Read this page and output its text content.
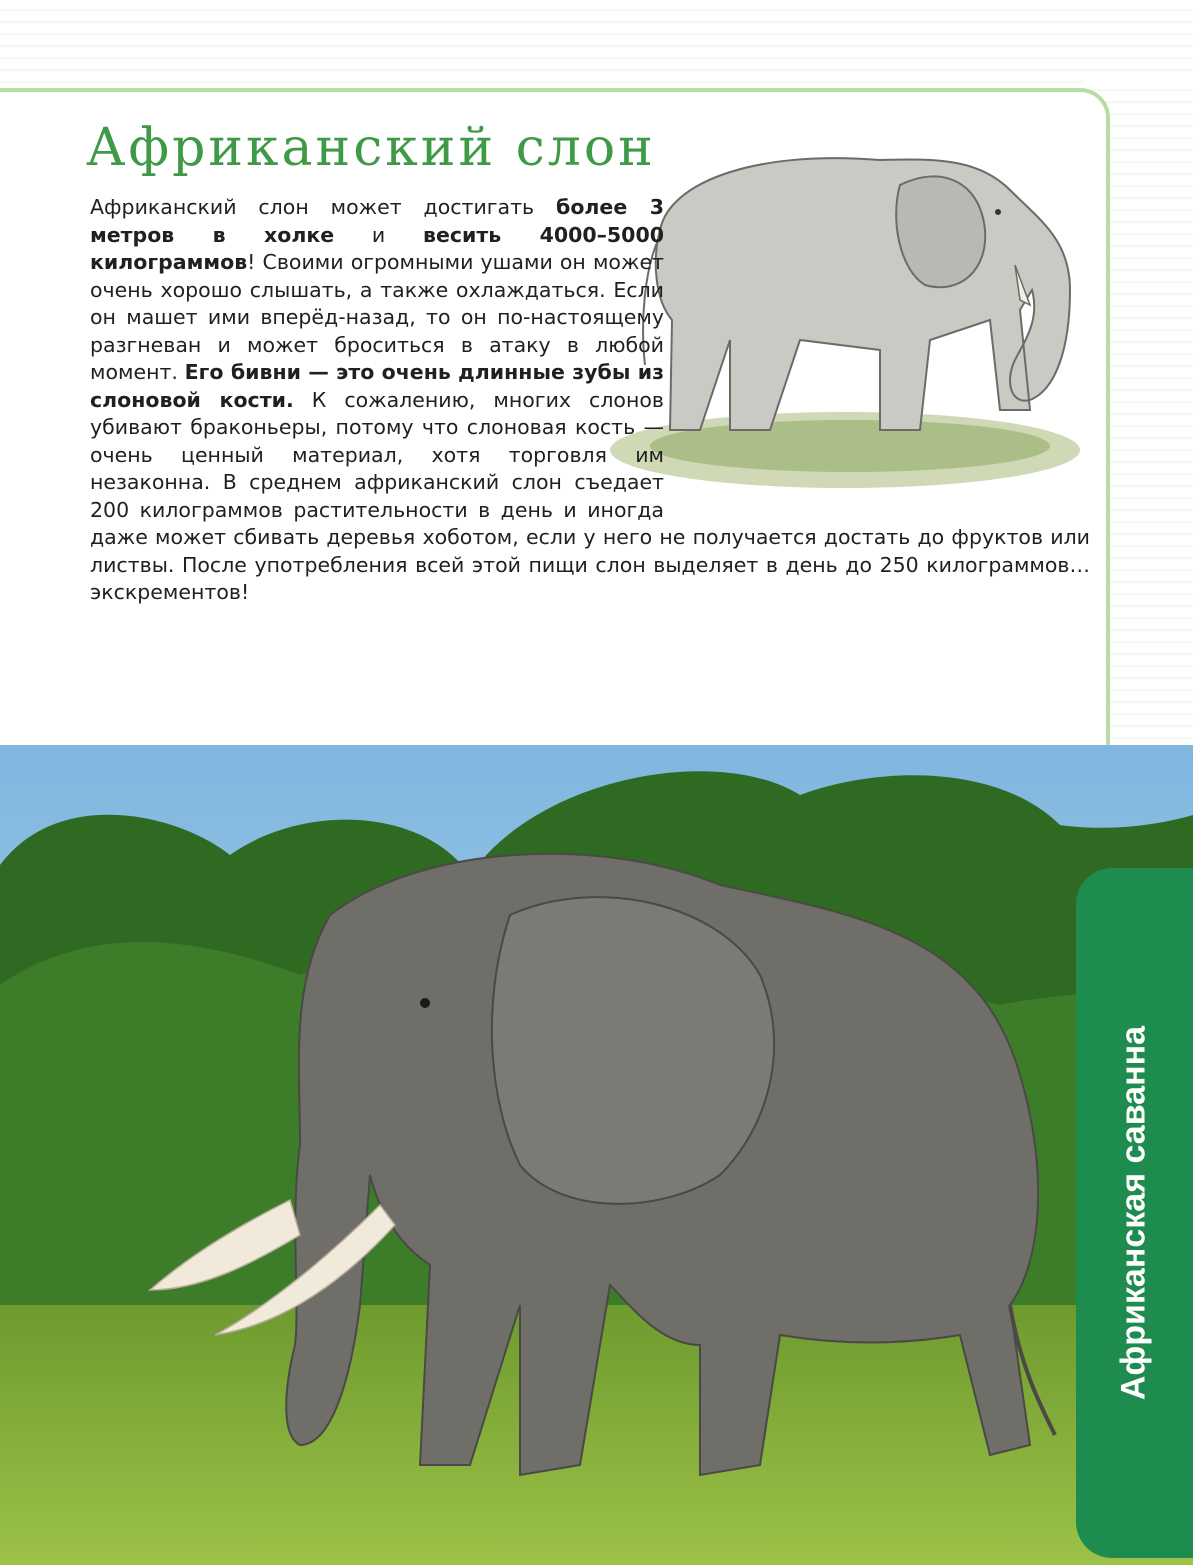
Африканский слон
Африканский слон может достигать более 3 метров в холке и весить 4000–5000 килограммов! Своими огромными ушами он может очень хорошо слышать, а также охлаждаться. Если он машет ими вперёд-назад, то он по-настоящему разгневан и может броситься в атаку в любой момент. Его бивни — это очень длинные зубы из слоновой кости. К сожалению, многих слонов убивают браконьеры, потому что слоновая кость — очень ценный материал, хотя торговля им незаконна. В среднем африканский слон съедает 200 килограммов растительности в день и иногда даже может сбивать деревья хоботом, если у него не получается достать до фруктов или листвы. После употребления всей этой пищи слон выделяет в день до 250 килограммов… экскрементов!
Африканская саванна
